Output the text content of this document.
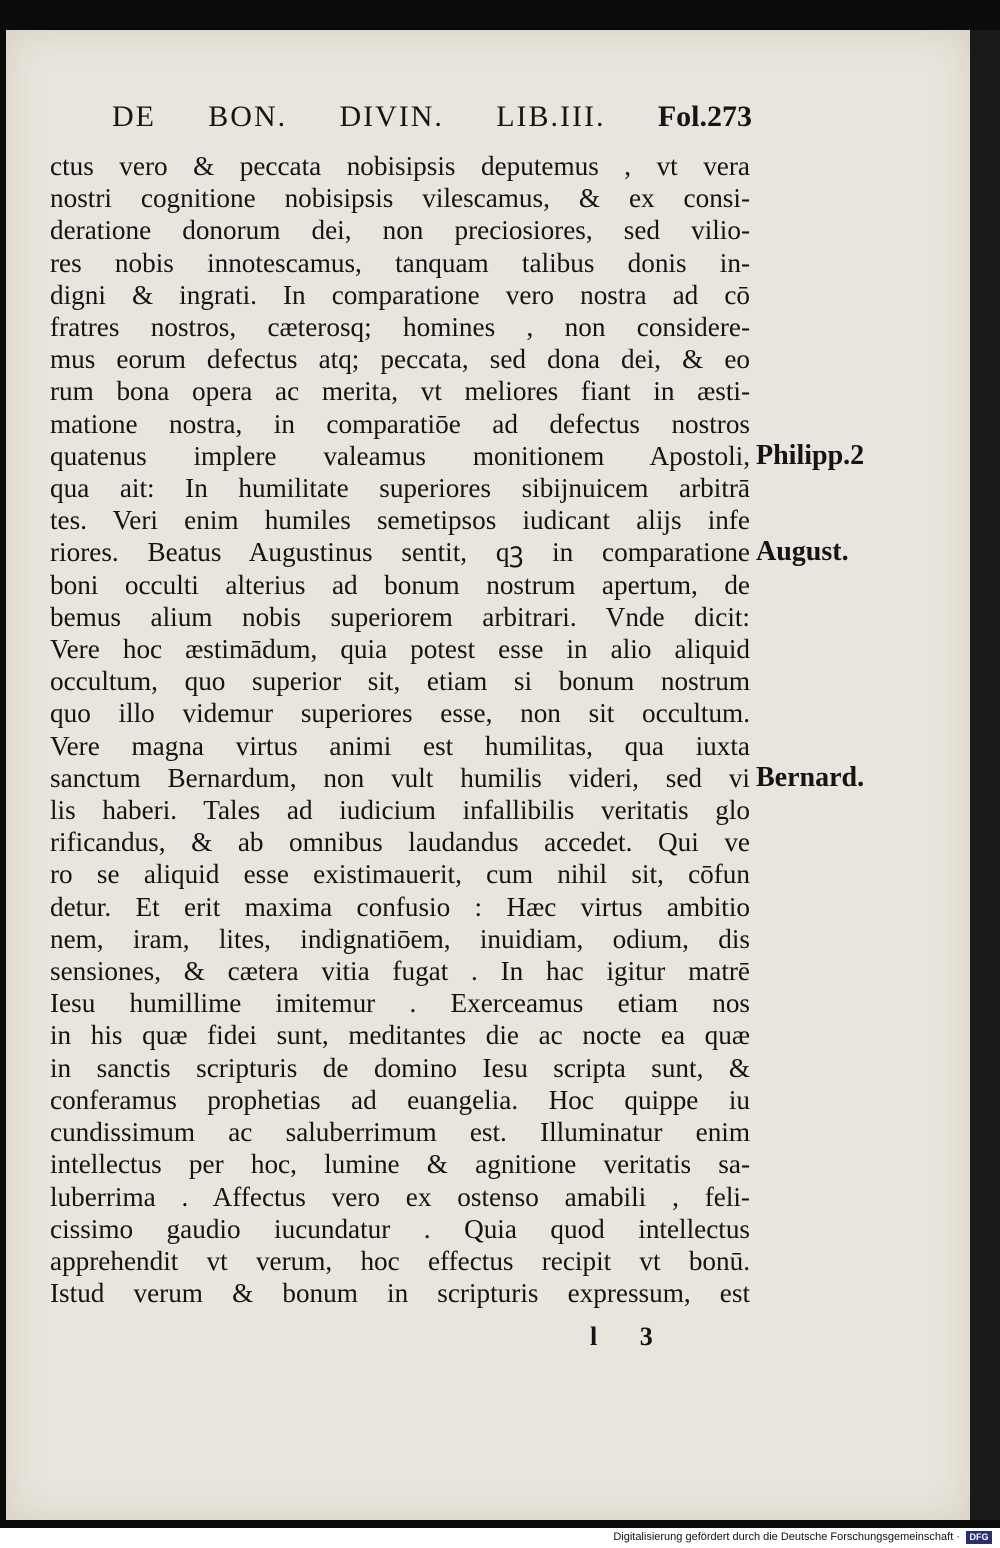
DE BON. DIVIN. LIB.III. Fol.273
ctus vero & peccata nobisipsis deputemus , vt vera
nostri cognitione nobisipsis vilescamus, & ex consi-
deratione donorum dei, non preciosiores, sed vilio-
res nobis innotescamus, tanquam talibus donis in-
digni & ingrati. In comparatione vero nostra ad cō
fratres nostros, cæterosq; homines , non considere-
mus eorum defectus atq; peccata, sed dona dei, & eo
rum bona opera ac merita, vt meliores fiant in æsti-
matione nostra, in comparatiōe ad defectus nostros
quatenus implere valeamus monitionem Apostoli,
qua ait: In humilitate superiores sibijnuicem arbitrā
tes. Veri enim humiles semetipsos iudicant alijs infe
riores. Beatus Augustinus sentit, qꝫ in comparatione
boni occulti alterius ad bonum nostrum apertum, de
bemus alium nobis superiorem arbitrari. Vnde dicit:
Vere hoc æstimādum, quia potest esse in alio aliquid
occultum, quo superior sit, etiam si bonum nostrum
quo illo videmur superiores esse, non sit occultum.
Vere magna virtus animi est humilitas, qua iuxta
sanctum Bernardum, non vult humilis videri, sed vi
lis haberi. Tales ad iudicium infallibilis veritatis glo
rificandus, & ab omnibus laudandus accedet. Qui ve
ro se aliquid esse existimauerit, cum nihil sit, cōfun
detur. Et erit maxima confusio : Hæc virtus ambitio
nem, iram, lites, indignatiōem, inuidiam, odium, dis
sensiones, & cætera vitia fugat . In hac igitur matrē
Iesu humillime imitemur . Exerceamus etiam nos
in his quæ fidei sunt, meditantes die ac nocte ea quæ
in sanctis scripturis de domino Iesu scripta sunt, &
conferamus prophetias ad euangelia. Hoc quippe iu
cundissimum ac saluberrimum est. Illuminatur enim
intellectus per hoc, lumine & agnitione veritatis sa-
luberrima . Affectus vero ex ostenso amabili , feli-
cissimo gaudio iucundatur . Quia quod intellectus
apprehendit vt verum, hoc effectus recipit vt bonū.
Istud verum & bonum in scripturis expressum, est
Philipp.2
August.
Bernard.
l 3
Digitalisierung gefördert durch die Deutsche Forschungsgemeinschaft ·	DFG
